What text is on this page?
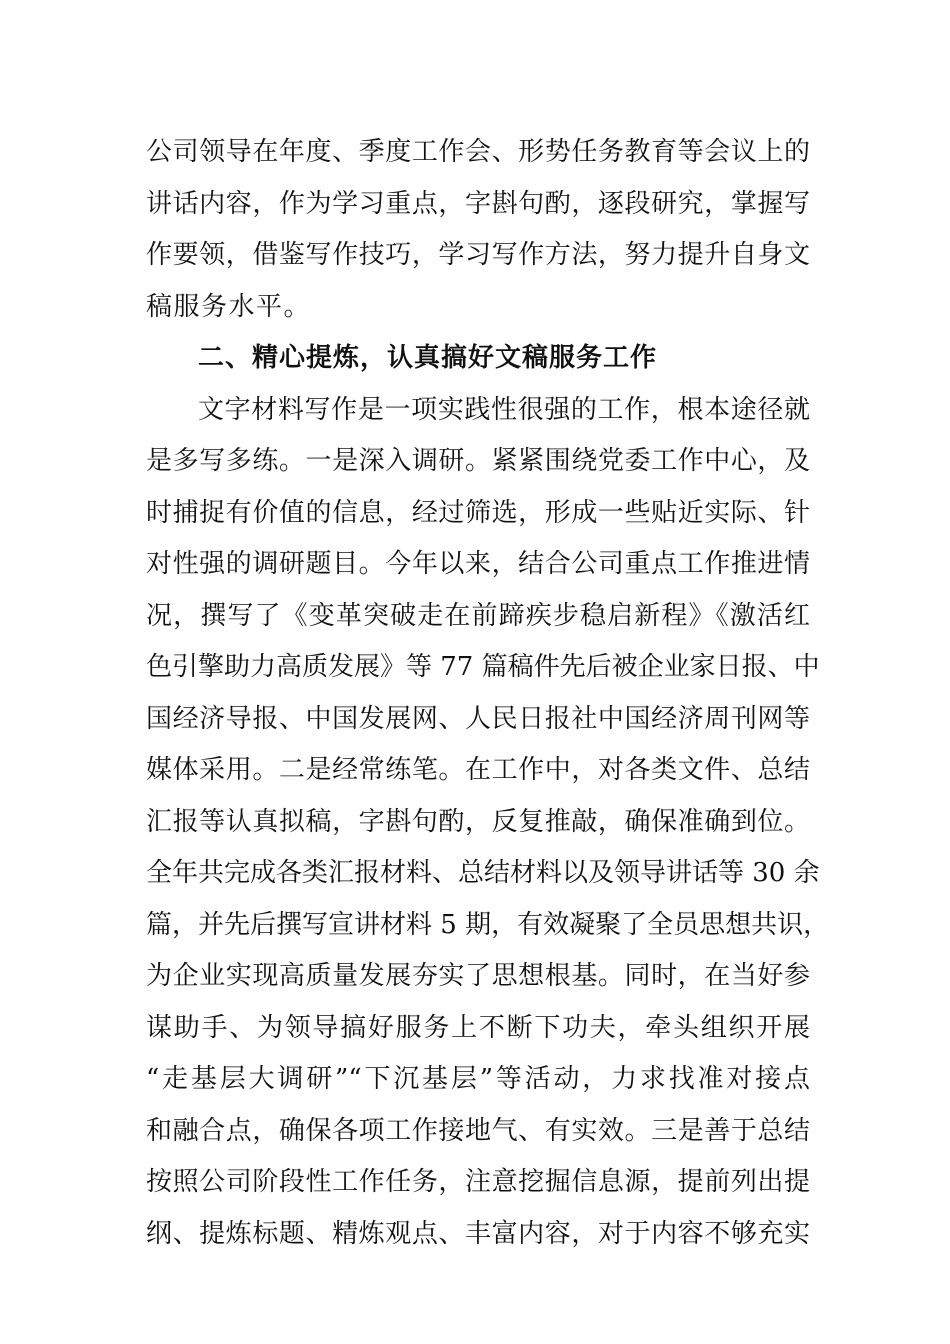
公司领导在年度、季度工作会、形势任务教育等会议上的
讲话内容，作为学习重点，字斟句酌，逐段研究，掌握写
作要领，借鉴写作技巧，学习写作方法，努力提升自身文
稿服务水平。
二、精心提炼，认真搞好文稿服务工作
文字材料写作是一项实践性很强的工作，根本途径就
是多写多练。一是深入调研。紧紧围绕党委工作中心，及
时捕捉有价值的信息，经过筛选，形成一些贴近实际、针
对性强的调研题目。今年以来，结合公司重点工作推进情
况，撰写了《变革突破走在前蹄疾步稳启新程》《激活红
色引擎助力高质发展》等 77 篇稿件先后被企业家日报、中
国经济导报、中国发展网、人民日报社中国经济周刊网等
媒体采用。二是经常练笔。在工作中，对各类文件、总结
汇报等认真拟稿，字斟句酌，反复推敲，确保准确到位。
全年共完成各类汇报材料、总结材料以及领导讲话等 30 余
篇，并先后撰写宣讲材料 5 期，有效凝聚了全员思想共识，
为企业实现高质量发展夯实了思想根基。同时，在当好参
谋助手、为领导搞好服务上不断下功夫，牵头组织开展
“走基层大调研”“下沉基层”等活动，力求找准对接点
和融合点，确保各项工作接地气、有实效。三是善于总结
按照公司阶段性工作任务，注意挖掘信息源，提前列出提
纲、提炼标题、精炼观点、丰富内容，对于内容不够充实
